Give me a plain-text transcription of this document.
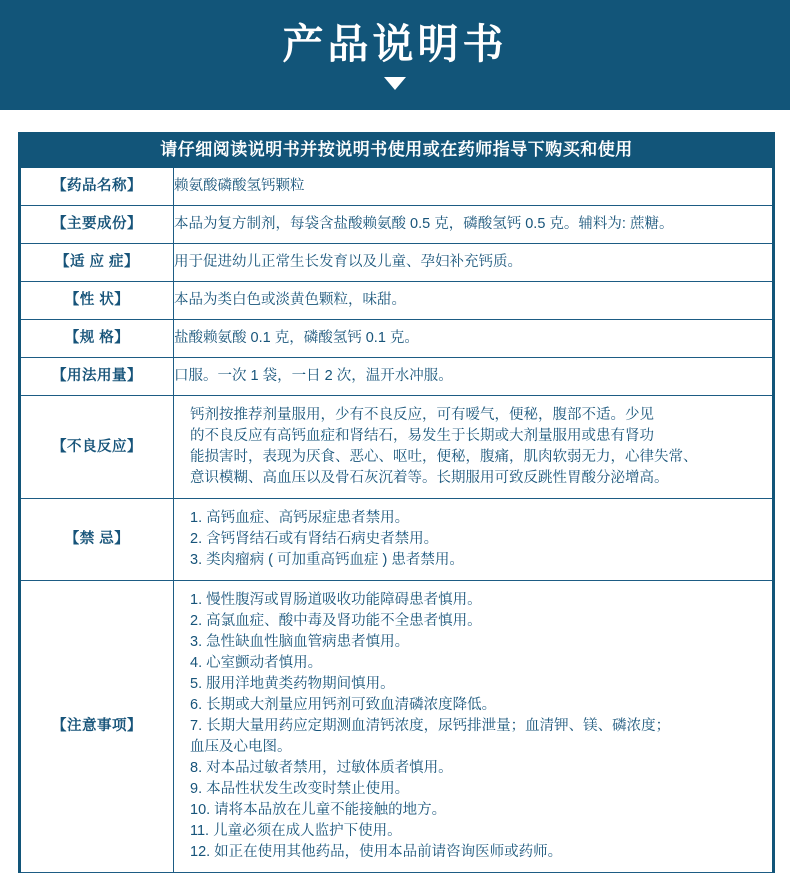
产品说明书
请仔细阅读说明书并按说明书使用或在药师指导下购买和使用
【药品名称】	赖氨酸磷酸氢钙颗粒

【主要成份】	本品为复方制剂，每袋含盐酸赖氨酸 0.5 克，磷酸氢钙 0.5 克。辅料为: 蔗糖。

【适 应 症】	用于促进幼儿正常生长发育以及儿童、孕妇补充钙质。

【性 状】	本品为类白色或淡黄色颗粒，味甜。

【规 格】	盐酸赖氨酸 0.1 克，磷酸氢钙 0.1 克。

【用法用量】	口服。一次 1 袋，一日 2 次，温开水冲服。

【不良反应】	钙剂按推荐剂量服用，少有不良反应，可有嗳气，便秘，腹部不适。少见
的不良反应有高钙血症和肾结石，易发生于长期或大剂量服用或患有肾功
能损害时，表现为厌食、恶心、呕吐，便秘，腹痛，肌肉软弱无力，心律失常、
意识模糊、高血压以及骨石灰沉着等。长期服用可致反跳性胃酸分泌增高。

【禁 忌】	1. 高钙血症、高钙尿症患者禁用。
2. 含钙肾结石或有肾结石病史者禁用。
3. 类肉瘤病 ( 可加重高钙血症 ) 患者禁用。

【注意事项】	
1. 慢性腹泻或胃肠道吸收功能障碍患者慎用。
2. 高氯血症、酸中毒及肾功能不全患者慎用。
3. 急性缺血性脑血管病患者慎用。
4. 心室颤动者慎用。
5. 服用洋地黄类药物期间慎用。
6. 长期或大剂量应用钙剂可致血清磷浓度降低。
7. 长期大量用药应定期测血清钙浓度，尿钙排泄量；血清钾、镁、磷浓度；
血压及心电图。
8. 对本品过敏者禁用，过敏体质者慎用。
9. 本品性状发生改变时禁止使用。
10. 请将本品放在儿童不能接触的地方。
11. 儿童必须在成人监护下使用。
12. 如正在使用其他药品，使用本品前请咨询医师或药师。
